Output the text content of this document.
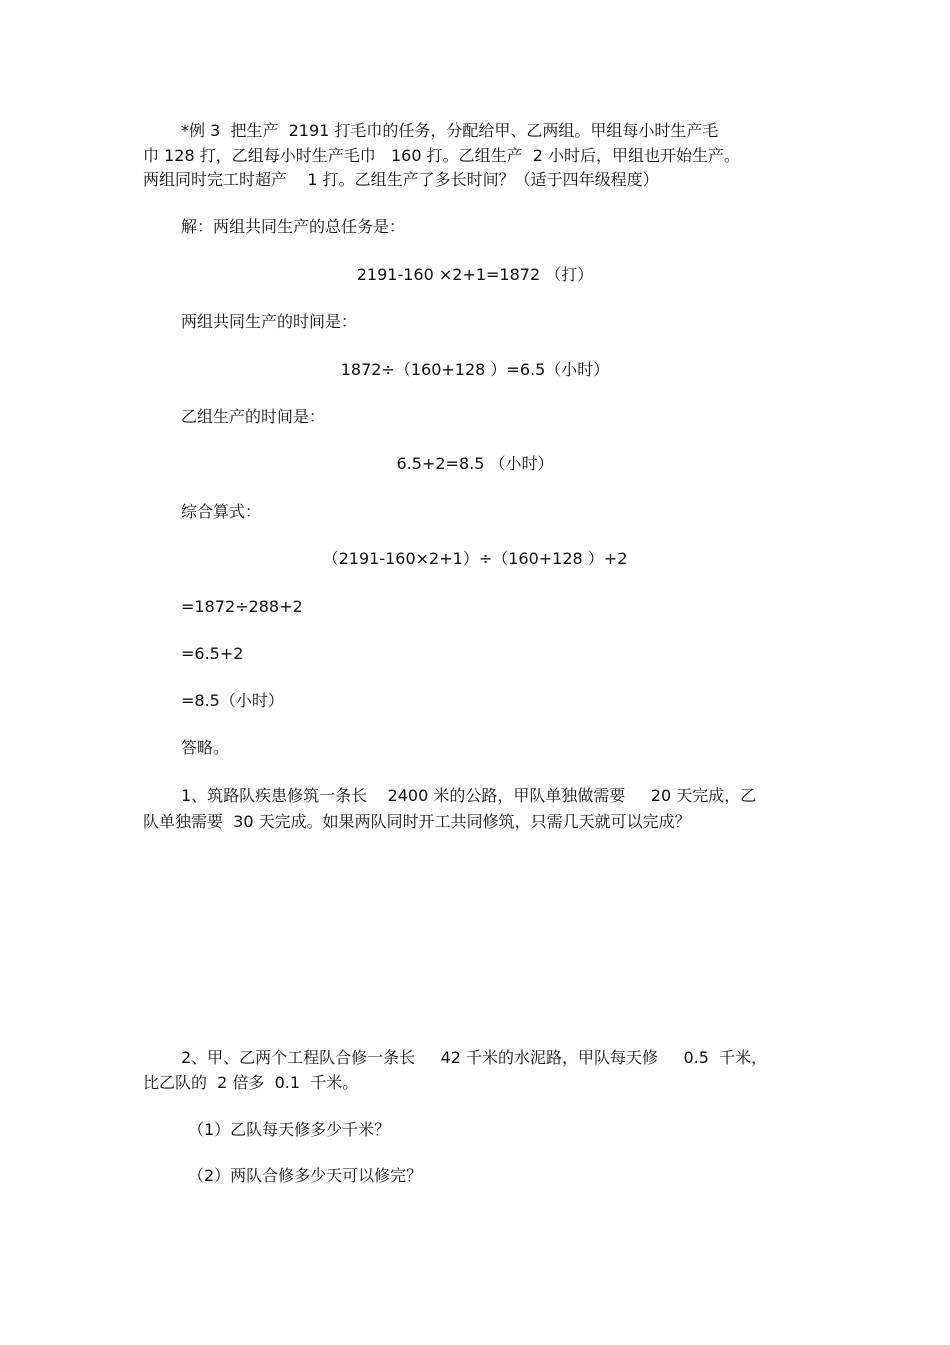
*例 3  把生产  2191 打毛巾的任务，分配给甲、乙两组。甲组每小时生产毛
巾 128 打，乙组每小时生产毛巾   160 打。乙组生产  2 小时后，甲组也开始生产。
两组同时完工时超产    1 打。乙组生产了多长时间？（适于四年级程度）
解：两组共同生产的总任务是：
2191-160 ×2+1=1872 （打）
两组共同生产的时间是：
1872÷（160+128 ）=6.5（小时）
乙组生产的时间是：
6.5+2=8.5 （小时）
综合算式：
（2191-160×2+1）÷（160+128 ）+2
=1872÷288+2
=6.5+2
=8.5（小时）
答略。
1、筑路队疾患修筑一条长    2400 米的公路，甲队单独做需要     20 天完成，乙
队单独需要  30 天完成。如果两队同时开工共同修筑，只需几天就可以完成？
2、甲、乙两个工程队合修一条长     42 千米的水泥路，甲队每天修     0.5  千米，
比乙队的  2 倍多  0.1  千米。
（1）乙队每天修多少千米？
（2）两队合修多少天可以修完？
